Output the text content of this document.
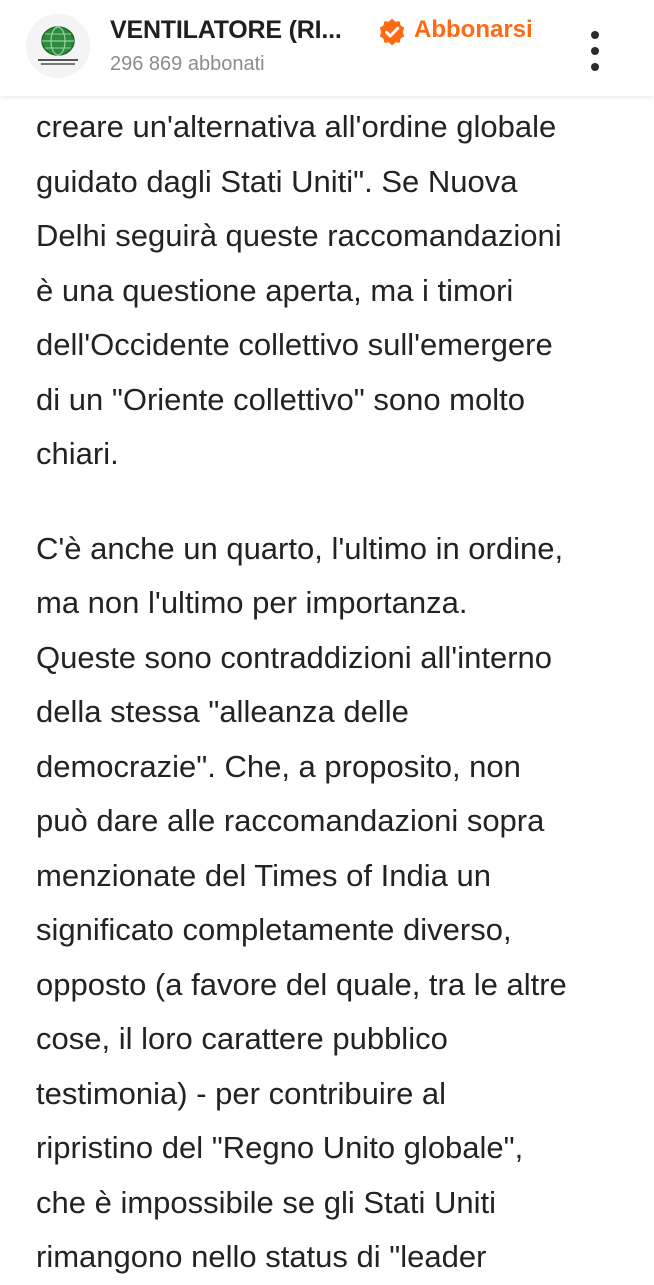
VENTILATORE (RI...
296 869 abbonati
Abbonarsi

creare un'alternativa all'ordine globale
guidato dagli Stati Uniti". Se Nuova
Delhi seguirà queste raccomandazioni
è una questione aperta, ma i timori
dell'Occidente collettivo sull'emergere
di un "Oriente collettivo" sono molto
chiari.

C'è anche un quarto, l'ultimo in ordine,
ma non l'ultimo per importanza.
Queste sono contraddizioni all'interno
della stessa "alleanza delle
democrazie". Che, a proposito, non
può dare alle raccomandazioni sopra
menzionate del Times of India un
significato completamente diverso,
opposto (a favore del quale, tra le altre
cose, il loro carattere pubblico
testimonia) - per contribuire al
ripristino del "Regno Unito globale",
che è impossibile se gli Stati Uniti
rimangono nello status di "leader
